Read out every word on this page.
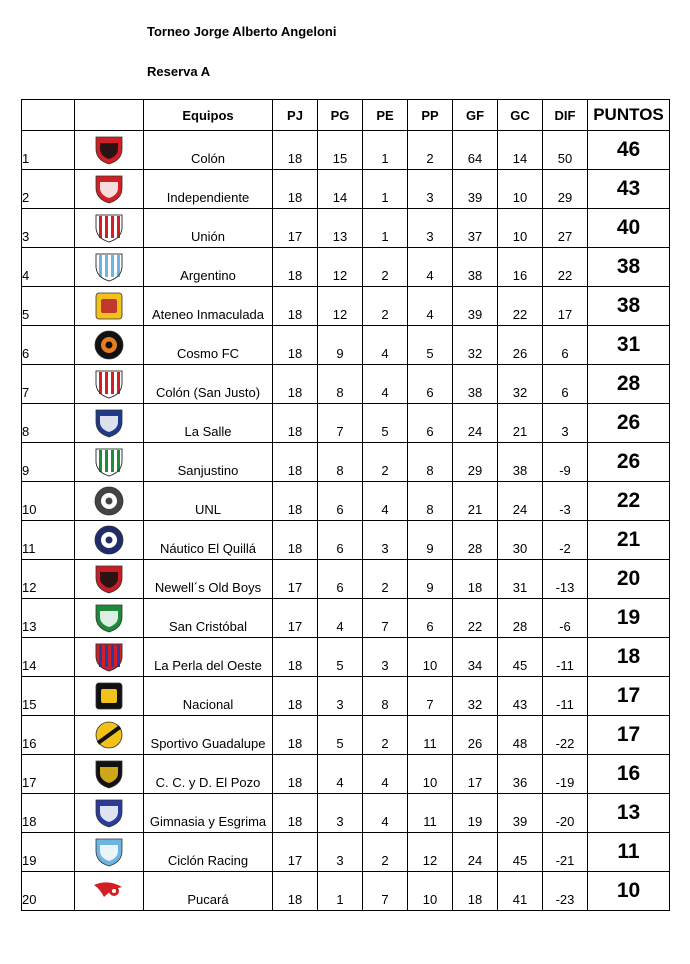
Torneo Jorge Alberto Angeloni
Reserva A
		Equipos	PJ	PG	PE	PP	GF	GC	DIF	PUNTOS
1		Colón	18	15	1	2	64	14	50	46
2		Independiente	18	14	1	3	39	10	29	43
3		Unión	17	13	1	3	37	10	27	40
4		Argentino	18	12	2	4	38	16	22	38
5		Ateneo Inmaculada	18	12	2	4	39	22	17	38
6		Cosmo FC	18	9	4	5	32	26	6	31
7		Colón (San Justo)	18	8	4	6	38	32	6	28
8		La Salle	18	7	5	6	24	21	3	26
9		Sanjustino	18	8	2	8	29	38	-9	26
10		UNL	18	6	4	8	21	24	-3	22
11		Náutico El Quillá	18	6	3	9	28	30	-2	21
12		Newell´s Old Boys	17	6	2	9	18	31	-13	20
13		San Cristóbal	17	4	7	6	22	28	-6	19
14		La Perla del Oeste	18	5	3	10	34	45	-11	18
15		Nacional	18	3	8	7	32	43	-11	17
16		Sportivo Guadalupe	18	5	2	11	26	48	-22	17
17		C. C. y D. El Pozo	18	4	4	10	17	36	-19	16
18		Gimnasia y Esgrima	18	3	4	11	19	39	-20	13
19		Ciclón Racing	17	3	2	12	24	45	-21	11
20		Pucará	18	1	7	10	18	41	-23	10
